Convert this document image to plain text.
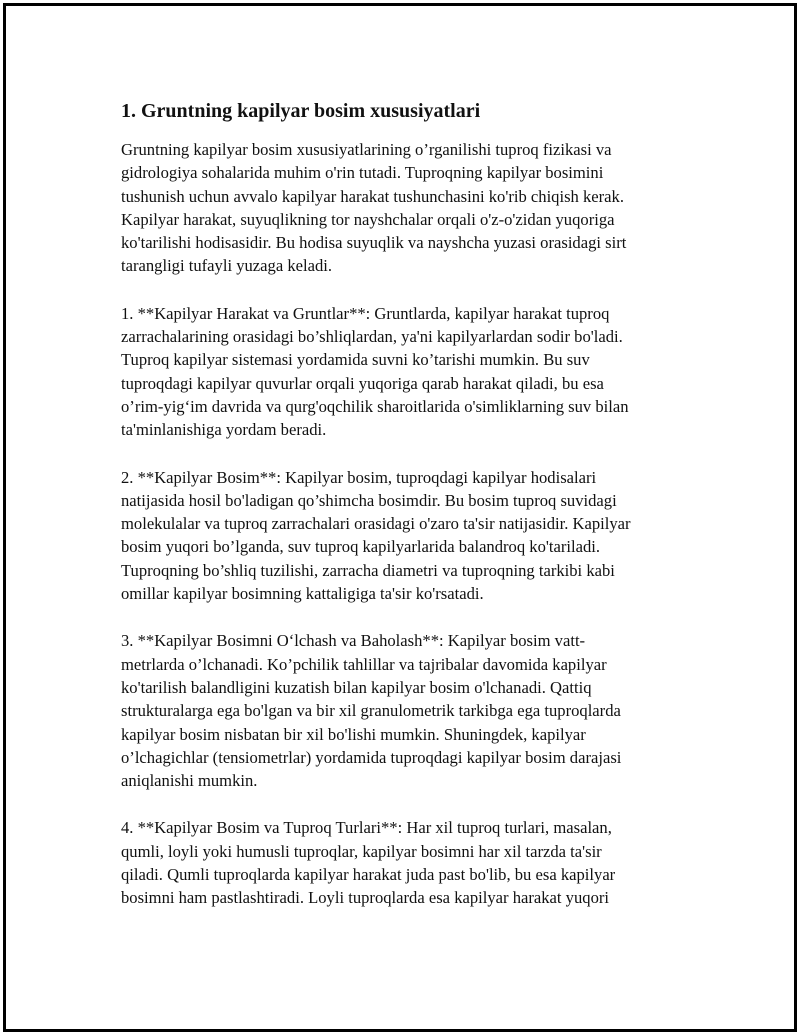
1. Gruntning kapilyar bosim xususiyatlari

Gruntning kapilyar bosim xususiyatlarining o’rganilishi tuproq fizikasi va
gidrologiya sohalarida muhim o'rin tutadi. Tuproqning kapilyar bosimini
tushunish uchun avvalo kapilyar harakat tushunchasini ko'rib chiqish kerak.
Kapilyar harakat, suyuqlikning tor nayshchalar orqali o'z-o'zidan yuqoriga
ko'tarilishi hodisasidir. Bu hodisa suyuqlik va nayshcha yuzasi orasidagi sirt
tarangligi tufayli yuzaga keladi.

1. **Kapilyar Harakat va Gruntlar**: Gruntlarda, kapilyar harakat tuproq
zarrachalarining orasidagi bo’shliqlardan, ya'ni kapilyarlardan sodir bo'ladi.
Tuproq kapilyar sistemasi yordamida suvni ko’tarishi mumkin. Bu suv
tuproqdagi kapilyar quvurlar orqali yuqoriga qarab harakat qiladi, bu esa
o’rim-yig‘im davrida va qurg'oqchilik sharoitlarida o'simliklarning suv bilan
ta'minlanishiga yordam beradi.

2. **Kapilyar Bosim**: Kapilyar bosim, tuproqdagi kapilyar hodisalari
natijasida hosil bo'ladigan qo’shimcha bosimdir. Bu bosim tuproq suvidagi
molekulalar va tuproq zarrachalari orasidagi o'zaro ta'sir natijasidir. Kapilyar
bosim yuqori bo’lganda, suv tuproq kapilyarlarida balandroq ko'tariladi.
Tuproqning bo’shliq tuzilishi, zarracha diametri va tuproqning tarkibi kabi
omillar kapilyar bosimning kattaligiga ta'sir ko'rsatadi.

3. **Kapilyar Bosimni O‘lchash va Baholash**: Kapilyar bosim vatt-
metrlarda o’lchanadi. Ko’pchilik tahlillar va tajribalar davomida kapilyar
ko'tarilish balandligini kuzatish bilan kapilyar bosim o'lchanadi. Qattiq
strukturalarga ega bo'lgan va bir xil granulometrik tarkibga ega tuproqlarda
kapilyar bosim nisbatan bir xil bo'lishi mumkin. Shuningdek, kapilyar
o’lchagichlar (tensiometrlar) yordamida tuproqdagi kapilyar bosim darajasi
aniqlanishi mumkin.

4. **Kapilyar Bosim va Tuproq Turlari**: Har xil tuproq turlari, masalan,
qumli, loyli yoki humusli tuproqlar, kapilyar bosimni har xil tarzda ta'sir
qiladi. Qumli tuproqlarda kapilyar harakat juda past bo'lib, bu esa kapilyar
bosimni ham pastlashtiradi. Loyli tuproqlarda esa kapilyar harakat yuqori
